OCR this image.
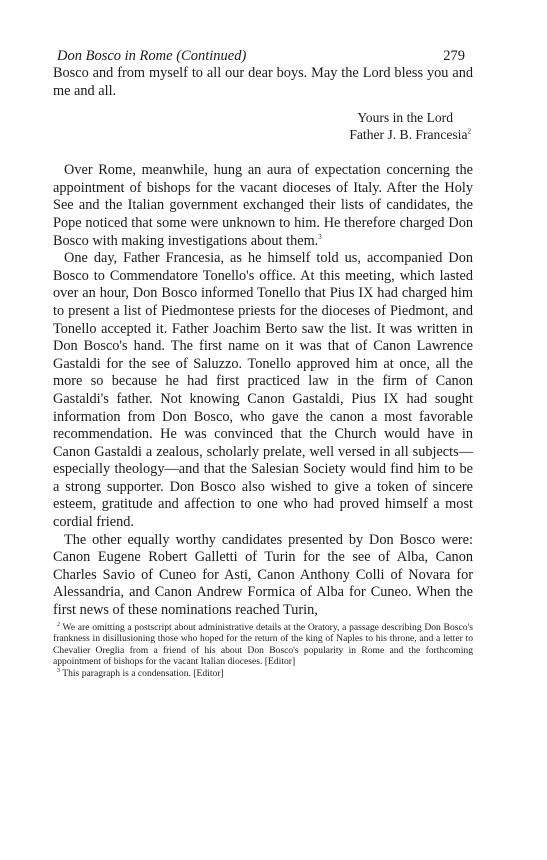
Don Bosco in Rome (Continued)	279

Bosco and from myself to all our dear boys. May the Lord bless you and me and all.

Yours in the Lord
Father J. B. Francesia$^2$

Over Rome, meanwhile, hung an aura of expectation concerning the appointment of bishops for the vacant dioceses of Italy. After the Holy See and the Italian government exchanged their lists of candidates, the Pope noticed that some were unknown to him. He therefore charged Don Bosco with making investigations about them.$^3$

One day, Father Francesia, as he himself told us, accompanied Don Bosco to Commendatore Tonello's office. At this meeting, which lasted over an hour, Don Bosco informed Tonello that Pius IX had charged him to present a list of Piedmontese priests for the dioceses of Piedmont, and Tonello accepted it. Father Joachim Berto saw the list. It was written in Don Bosco's hand. The first name on it was that of Canon Lawrence Gastaldi for the see of Saluzzo. Tonello approved him at once, all the more so because he had first practiced law in the firm of Canon Gastaldi's father. Not knowing Canon Gastaldi, Pius IX had sought information from Don Bosco, who gave the canon a most favorable recommendation. He was convinced that the Church would have in Canon Gastaldi a zealous, scholarly prelate, well versed in all subjects—especially theology—and that the Salesian Society would find him to be a strong supporter. Don Bosco also wished to give a token of sincere esteem, gratitude and affection to one who had proved himself a most cordial friend.

The other equally worthy candidates presented by Don Bosco were: Canon Eugene Robert Galletti of Turin for the see of Alba, Canon Charles Savio of Cuneo for Asti, Canon Anthony Colli of Novara for Alessandria, and Canon Andrew Formica of Alba for Cuneo. When the first news of these nominations reached Turin,

$^2$ We are omitting a postscript about administrative details at the Oratory, a passage describing Don Bosco's frankness in disillusioning those who hoped for the return of the king of Naples to his throne, and a letter to Chevalier Oreglia from a friend of his about Don Bosco's popularity in Rome and the forthcoming appointment of bishops for the vacant Italian dioceses. [Editor]

$^3$ This paragraph is a condensation. [Editor]
